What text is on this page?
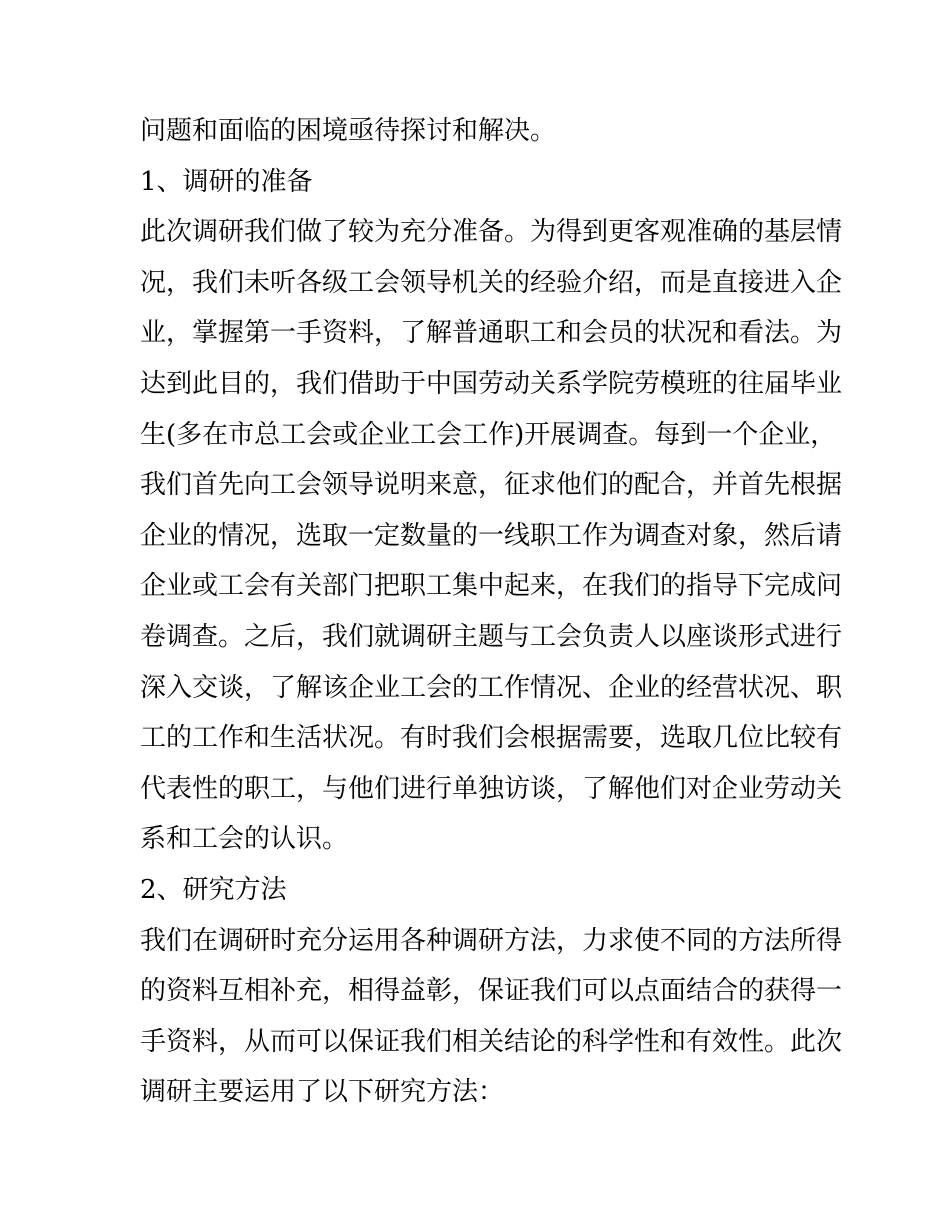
问题和面临的困境亟待探讨和解决。
1、调研的准备
此次调研我们做了较为充分准备。为得到更客观准确的基层情
况，我们未听各级工会领导机关的经验介绍，而是直接进入企
业，掌握第一手资料，了解普通职工和会员的状况和看法。为
达到此目的，我们借助于中国劳动关系学院劳模班的往届毕业
生(多在市总工会或企业工会工作)开展调查。每到一个企业，
我们首先向工会领导说明来意，征求他们的配合，并首先根据
企业的情况，选取一定数量的一线职工作为调查对象，然后请
企业或工会有关部门把职工集中起来，在我们的指导下完成问
卷调查。之后，我们就调研主题与工会负责人以座谈形式进行
深入交谈，了解该企业工会的工作情况、企业的经营状况、职
工的工作和生活状况。有时我们会根据需要，选取几位比较有
代表性的职工，与他们进行单独访谈，了解他们对企业劳动关
系和工会的认识。
2、研究方法
我们在调研时充分运用各种调研方法，力求使不同的方法所得
的资料互相补充，相得益彰，保证我们可以点面结合的获得一
手资料，从而可以保证我们相关结论的科学性和有效性。此次
调研主要运用了以下研究方法：
